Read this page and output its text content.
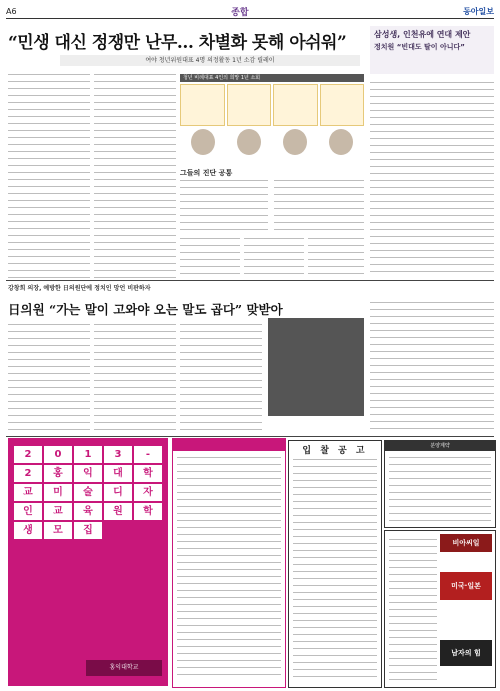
A6	종합	동아일보
“민생 대신 정쟁만 난무… 차별화 못해 아쉬워”
여야 청년위원대표 4명 의정활동 1년 소감 릴레이
삼성생, 인천유에 연대 제안
정치원 “빈대도 탈이 아니다”
청년 비례대표 4인의 희망 1년 소회
그들의 진단 공통
강창희 의장, 예방한 日의원단에 정치인 망언 비판하자
日의원 “가는 말이 고와야 오는 말도 곱다” 맞받아
2	0	1	3	-
2	홍	익	대	학
교	미	술	디	자
인	교	육	원	학
생	모	집
홍익대학교
입 찰 공 고	분양계약
비아씨일
미국·일본
남자의 힘
